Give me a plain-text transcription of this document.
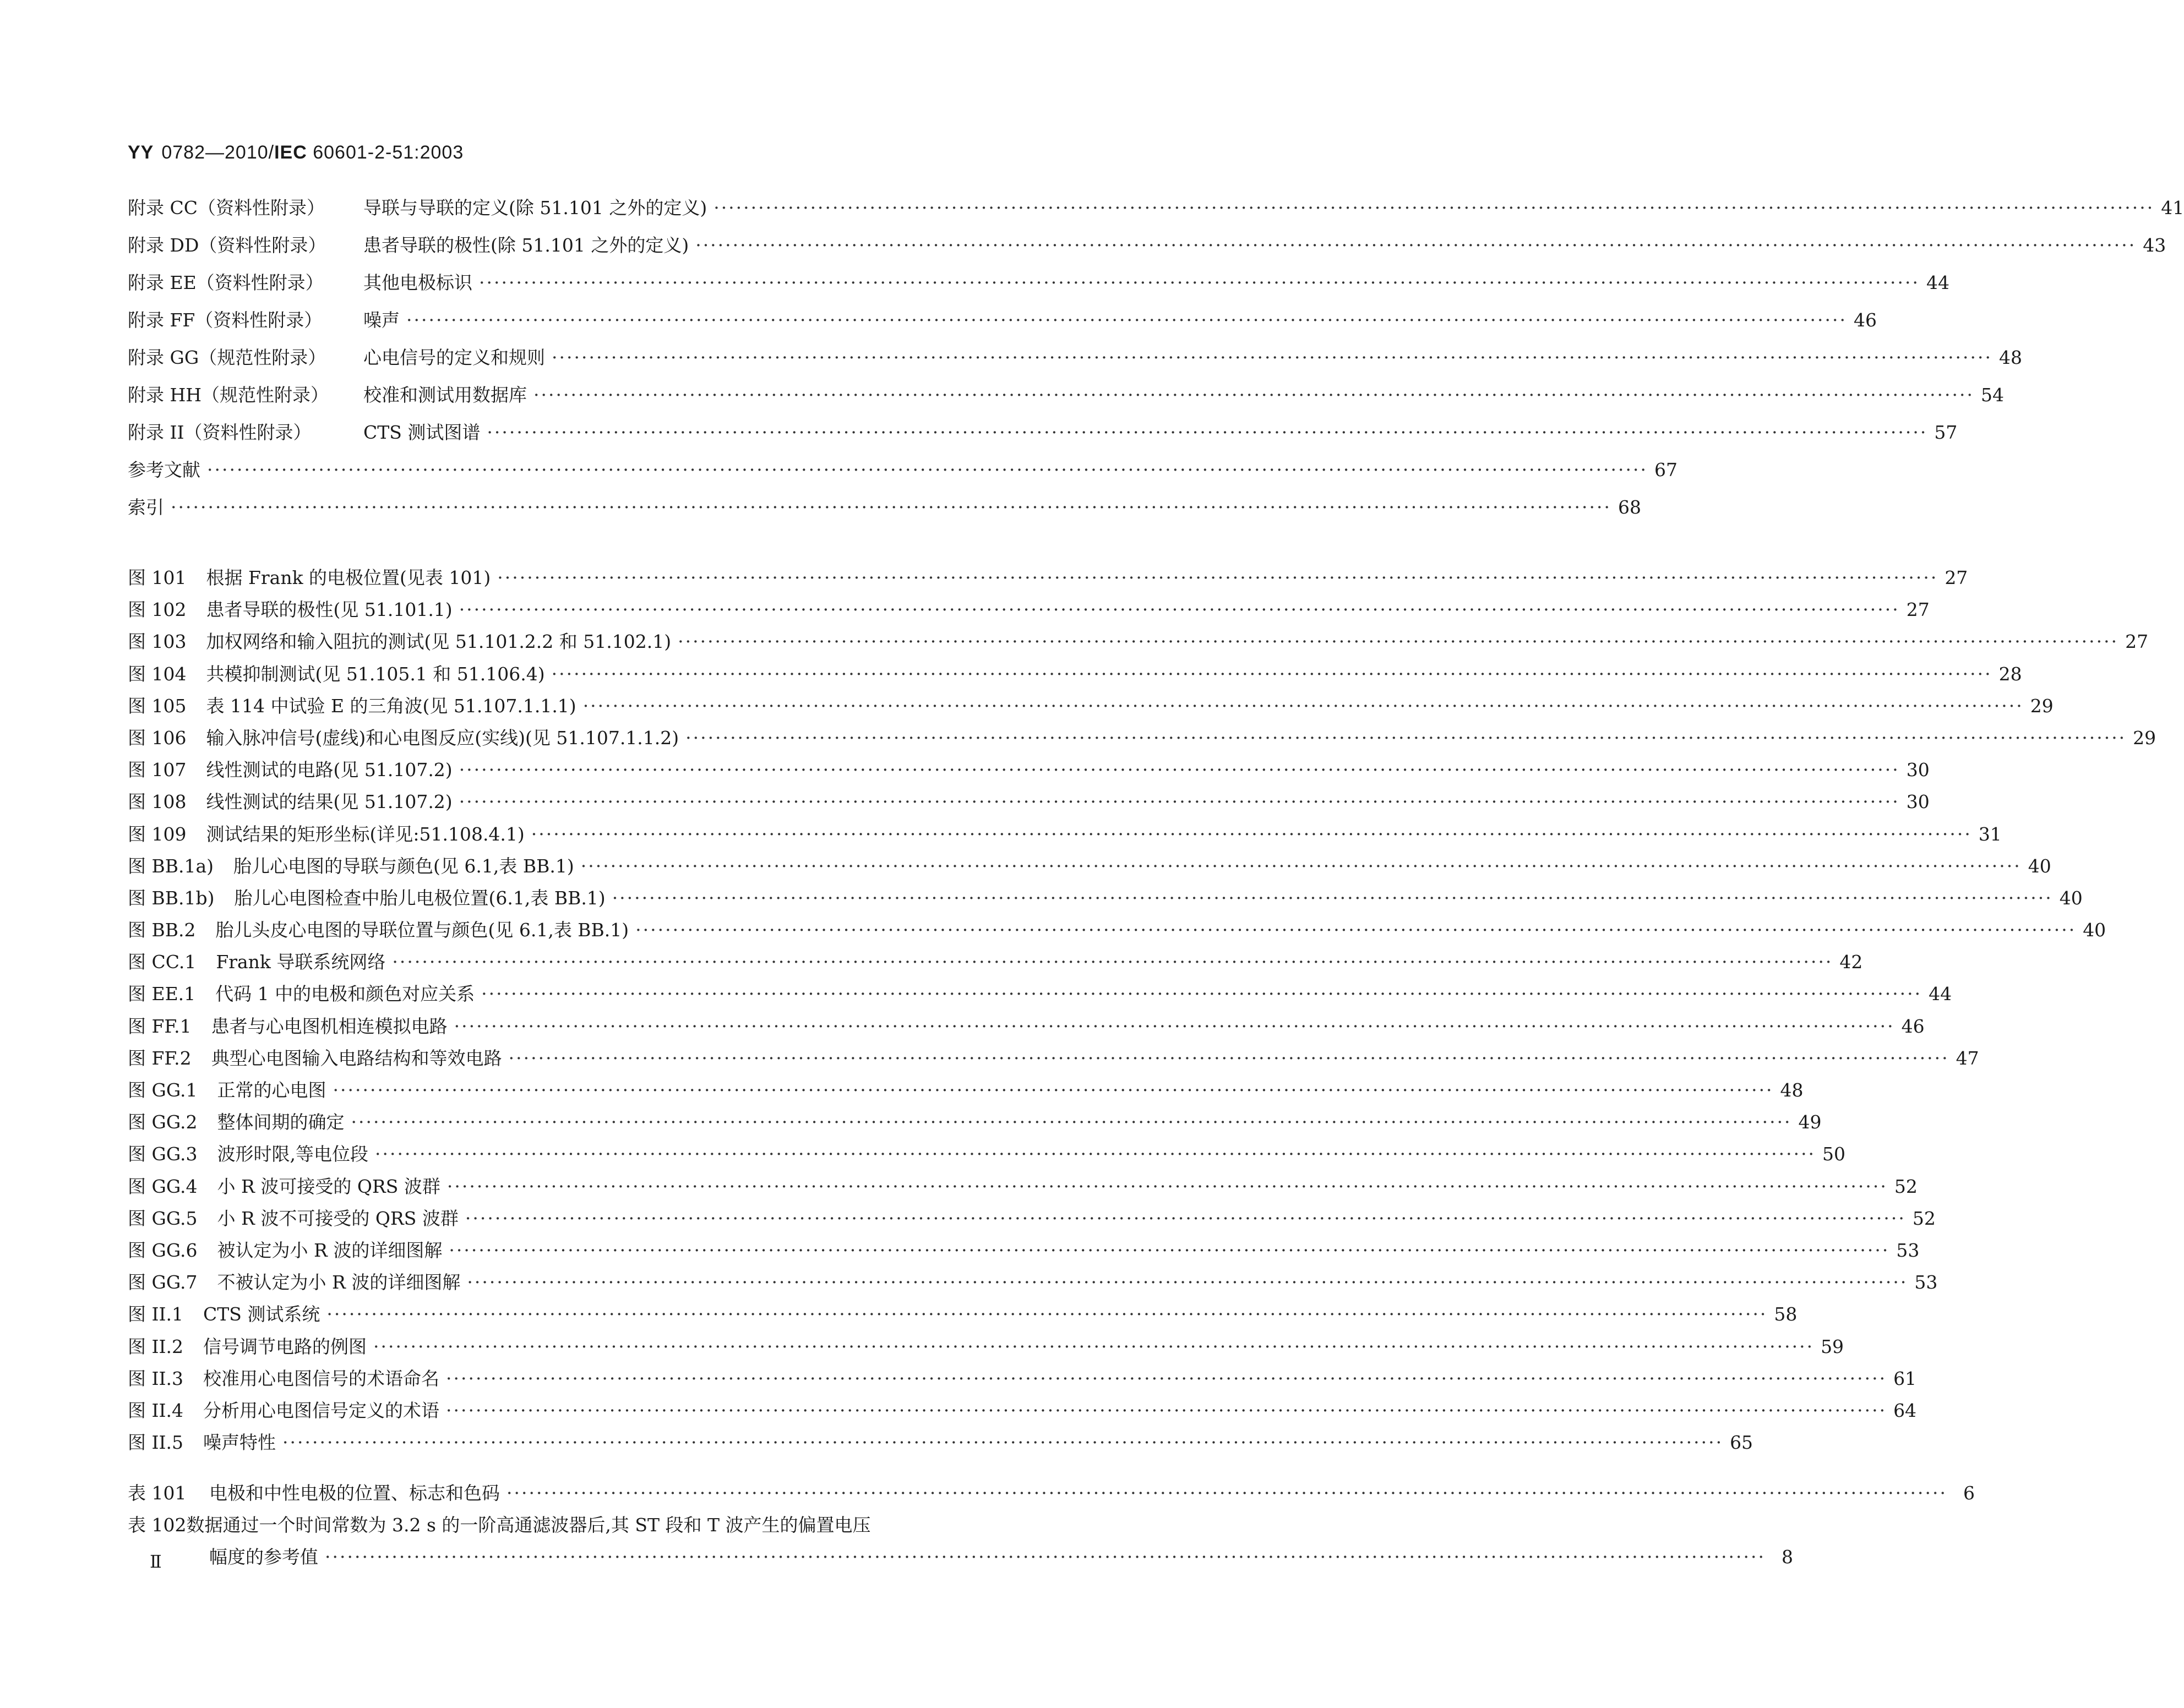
YY 0782—2010/IEC 60601-2-51:2003
附录 CC（资料性附录） 导联与导联的定义(除 51.101 之外的定义) ·····	41
附录 DD（资料性附录） 患者导联的极性(除 51.101 之外的定义) ·····	43
附录 EE（资料性附录） 其他电极标识 ·····	44
附录 FF（资料性附录） 噪声 ·····	46
附录 GG（规范性附录） 心电信号的定义和规则 ·····	48
附录 HH（规范性附录） 校准和测试用数据库 ·····	54
附录 II（资料性附录）	CTS 测试图谱 ·····	57
参考文献 ·····	67
索引 ·····	68
图 101 根据 Frank 的电极位置(见表 101) ·····	27
图 102 患者导联的极性(见 51.101.1) ·····	27
图 103 加权网络和输入阻抗的测试(见 51.101.2.2 和 51.102.1) ·····	27
图 104 共模抑制测试(见 51.105.1 和 51.106.4) ·····	28
图 105 表 114 中试验 E 的三角波(见 51.107.1.1.1) ·····	29
图 106 输入脉冲信号(虚线)和心电图反应(实线)(见 51.107.1.1.2) ·····	29
图 107 线性测试的电路(见 51.107.2) ·····	30
图 108 线性测试的结果(见 51.107.2) ·····	30
图 109 测试结果的矩形坐标(详见:51.108.4.1) ·····	31
图 BB.1a) 胎儿心电图的导联与颜色(见 6.1,表 BB.1) ·····	40
图 BB.1b) 胎儿心电图检查中胎儿电极位置(6.1,表 BB.1) ·····	40
图 BB.2 胎儿头皮心电图的导联位置与颜色(见 6.1,表 BB.1) ·····	40
图 CC.1 Frank 导联系统网络 ·····	42
图 EE.1 代码 1 中的电极和颜色对应关系 ·····	44
图 FF.1 患者与心电图机相连模拟电路 ·····	46
图 FF.2 典型心电图输入电路结构和等效电路 ·····	47
图 GG.1 正常的心电图 ·····	48
图 GG.2 整体间期的确定 ·····	49
图 GG.3 波形时限,等电位段 ·····	50
图 GG.4 小 R 波可接受的 QRS 波群 ·····	52
图 GG.5 小 R 波不可接受的 QRS 波群 ·····	52
图 GG.6 被认定为小 R 波的详细图解 ·····	53
图 GG.7 不被认定为小 R 波的详细图解 ·····	53
图 II.1 CTS 测试系统 ·····	58
图 II.2 信号调节电路的例图 ·····	59
图 II.3 校准用心电图信号的术语命名 ·····	61
图 II.4 分析用心电图信号定义的术语 ·····	64
图 II.5 噪声特性 ·····	65
表 101 电极和中性电极的位置、标志和色码 ·····	6
表 102数据通过一个时间常数为 3.2 s 的一阶高通滤波器后,其 ST 段和 T 波产生的偏置电压
幅度的参考值 ·····	8
Ⅱ
